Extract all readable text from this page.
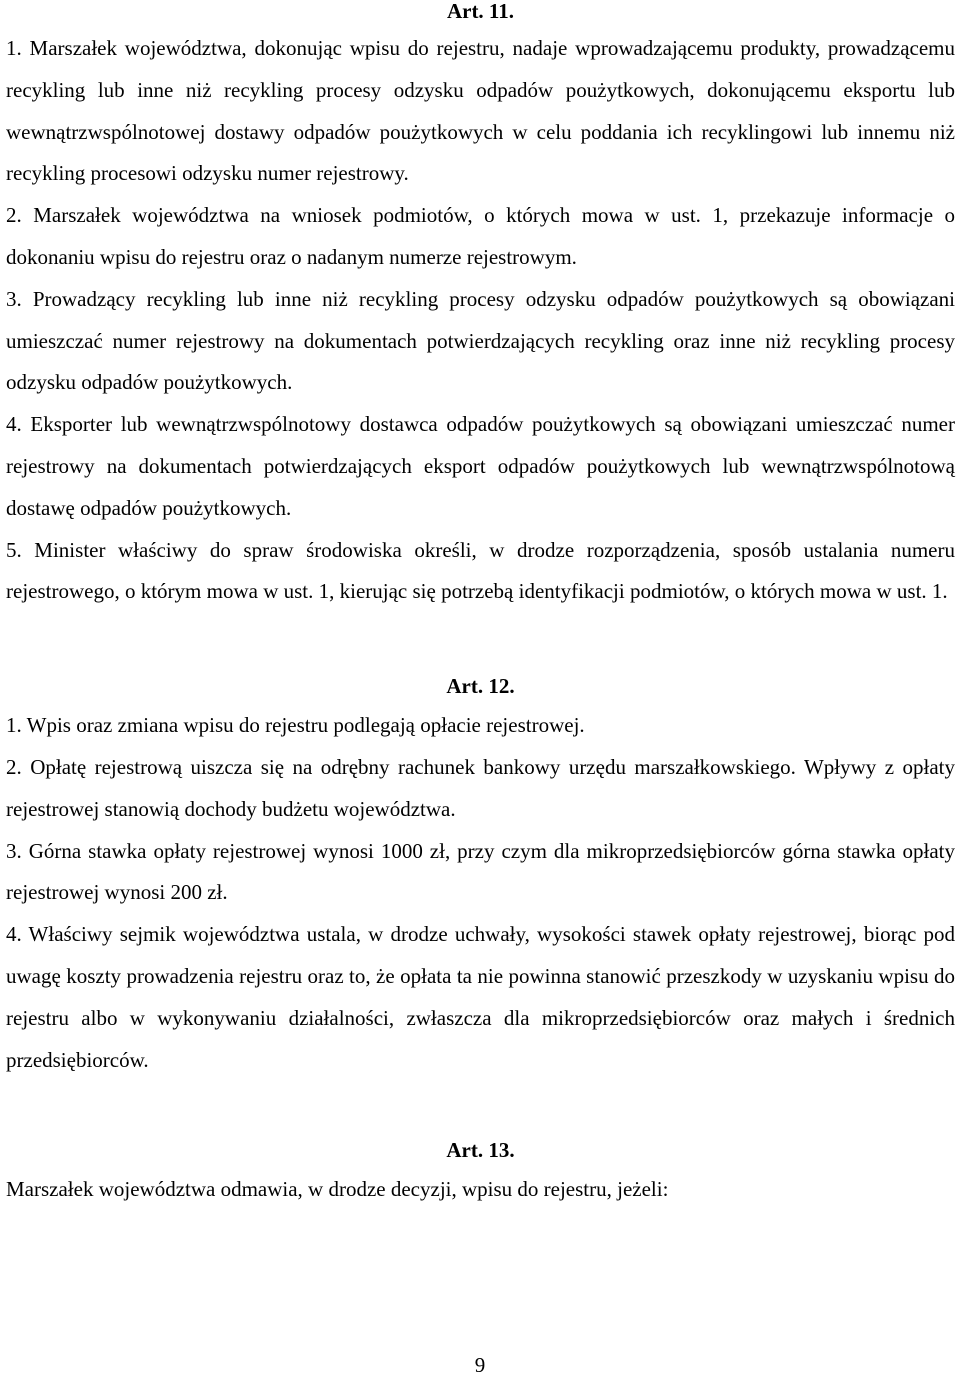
Art. 11.

1. Marszałek województwa, dokonując wpisu do rejestru, nadaje wprowadzającemu produkty, prowadzącemu recykling lub inne niż recykling procesy odzysku odpadów poużytkowych, dokonującemu eksportu lub wewnątrzwspólnotowej dostawy odpadów poużytkowych w celu poddania ich recyklingowi lub innemu niż recykling procesowi odzysku numer rejestrowy.

2. Marszałek województwa na wniosek podmiotów, o których mowa w ust. 1, przekazuje informacje o dokonaniu wpisu do rejestru oraz o nadanym numerze rejestrowym.

3. Prowadzący recykling lub inne niż recykling procesy odzysku odpadów poużytkowych są obowiązani umieszczać numer rejestrowy na dokumentach potwierdzających recykling oraz inne niż recykling procesy odzysku odpadów poużytkowych.

4. Eksporter lub wewnątrzwspólnotowy dostawca odpadów poużytkowych są obowiązani umieszczać numer rejestrowy na dokumentach potwierdzających eksport odpadów poużytkowych lub wewnątrzwspólnotową dostawę odpadów poużytkowych.

5. Minister właściwy do spraw środowiska określi, w drodze rozporządzenia, sposób ustalania numeru rejestrowego, o którym mowa w ust. 1, kierując się potrzebą identyfikacji podmiotów, o których mowa w ust. 1.

Art. 12.

1. Wpis oraz zmiana wpisu do rejestru podlegają opłacie rejestrowej.

2. Opłatę rejestrową uiszcza się na odrębny rachunek bankowy urzędu marszałkowskiego. Wpływy z opłaty rejestrowej stanowią dochody budżetu województwa.

3. Górna stawka opłaty rejestrowej wynosi 1000 zł, przy czym dla mikroprzedsiębiorców górna stawka opłaty rejestrowej wynosi 200 zł.

4. Właściwy sejmik województwa ustala, w drodze uchwały, wysokości stawek opłaty rejestrowej, biorąc pod uwagę koszty prowadzenia rejestru oraz to, że opłata ta nie powinna stanowić przeszkody w uzyskaniu wpisu do rejestru albo w wykonywaniu działalności, zwłaszcza dla mikroprzedsiębiorców oraz małych i średnich przedsiębiorców.

Art. 13.

Marszałek województwa odmawia, w drodze decyzji, wpisu do rejestru, jeżeli:

9
